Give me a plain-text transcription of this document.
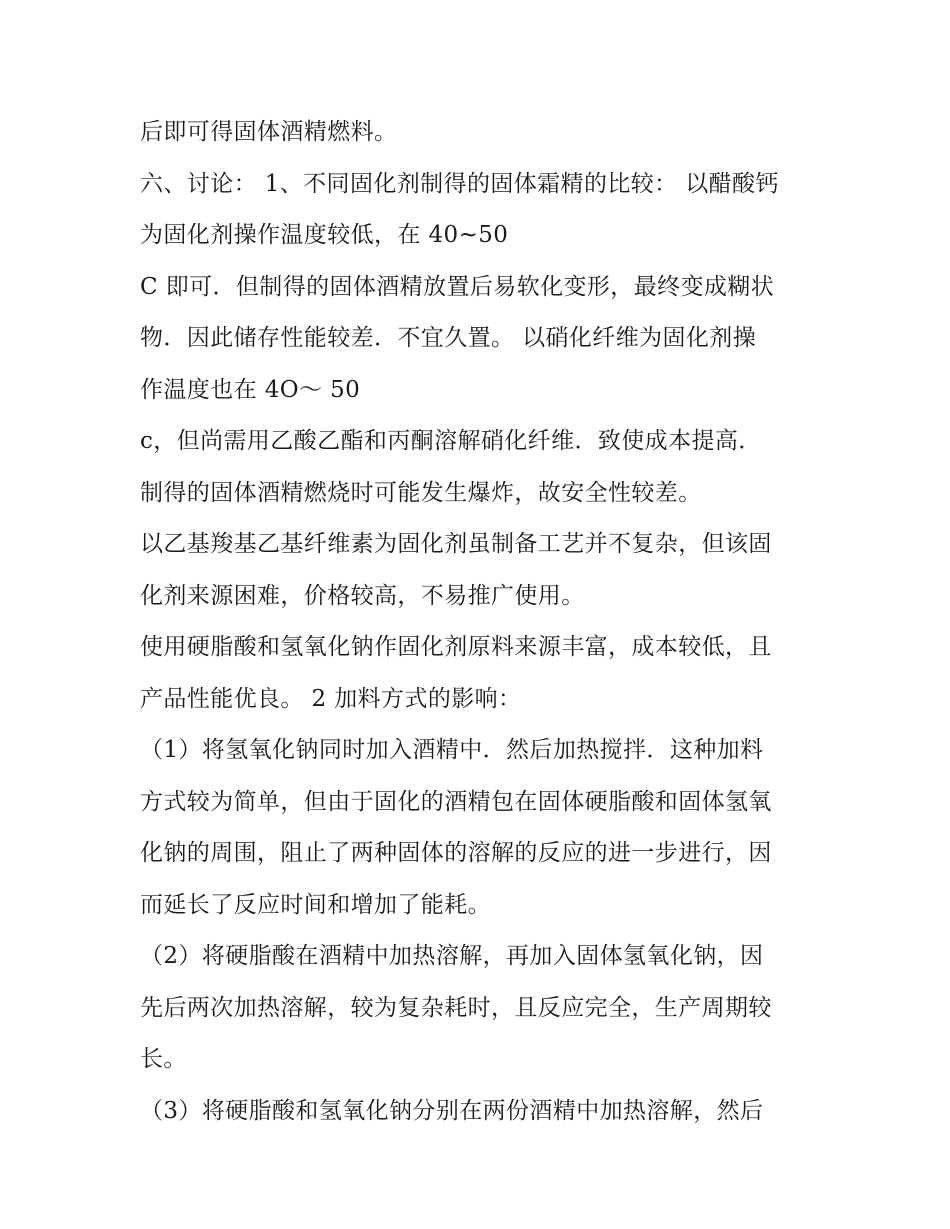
后即可得固体酒精燃料。
六、讨论： 1、不同固化剂制得的固体霜精的比较： 以醋酸钙
为固化剂操作温度较低，在 40~50
C 即可．但制得的固体酒精放置后易软化变形，最终变成糊状
物．因此储存性能较差．不宜久置。 以硝化纤维为固化剂操
作温度也在 4O～ 50
c，但尚需用乙酸乙酯和丙酮溶解硝化纤维．致使成本提高．
制得的固体酒精燃烧时可能发生爆炸，故安全性较差。
以乙基羧基乙基纤维素为固化剂虽制备工艺并不复杂，但该固
化剂来源困难，价格较高，不易推广使用。
使用硬脂酸和氢氧化钠作固化剂原料来源丰富，成本较低，且
产品性能优良。 2 加料方式的影响：
（1）将氢氧化钠同时加入酒精中．然后加热搅拌．这种加料
方式较为简单，但由于固化的酒精包在固体硬脂酸和固体氢氧
化钠的周围，阻止了两种固体的溶解的反应的进一步进行，因
而延长了反应时间和增加了能耗。
（2）将硬脂酸在酒精中加热溶解，再加入固体氢氧化钠，因
先后两次加热溶解，较为复杂耗时，且反应完全，生产周期较
长。
（3）将硬脂酸和氢氧化钠分别在两份酒精中加热溶解，然后
